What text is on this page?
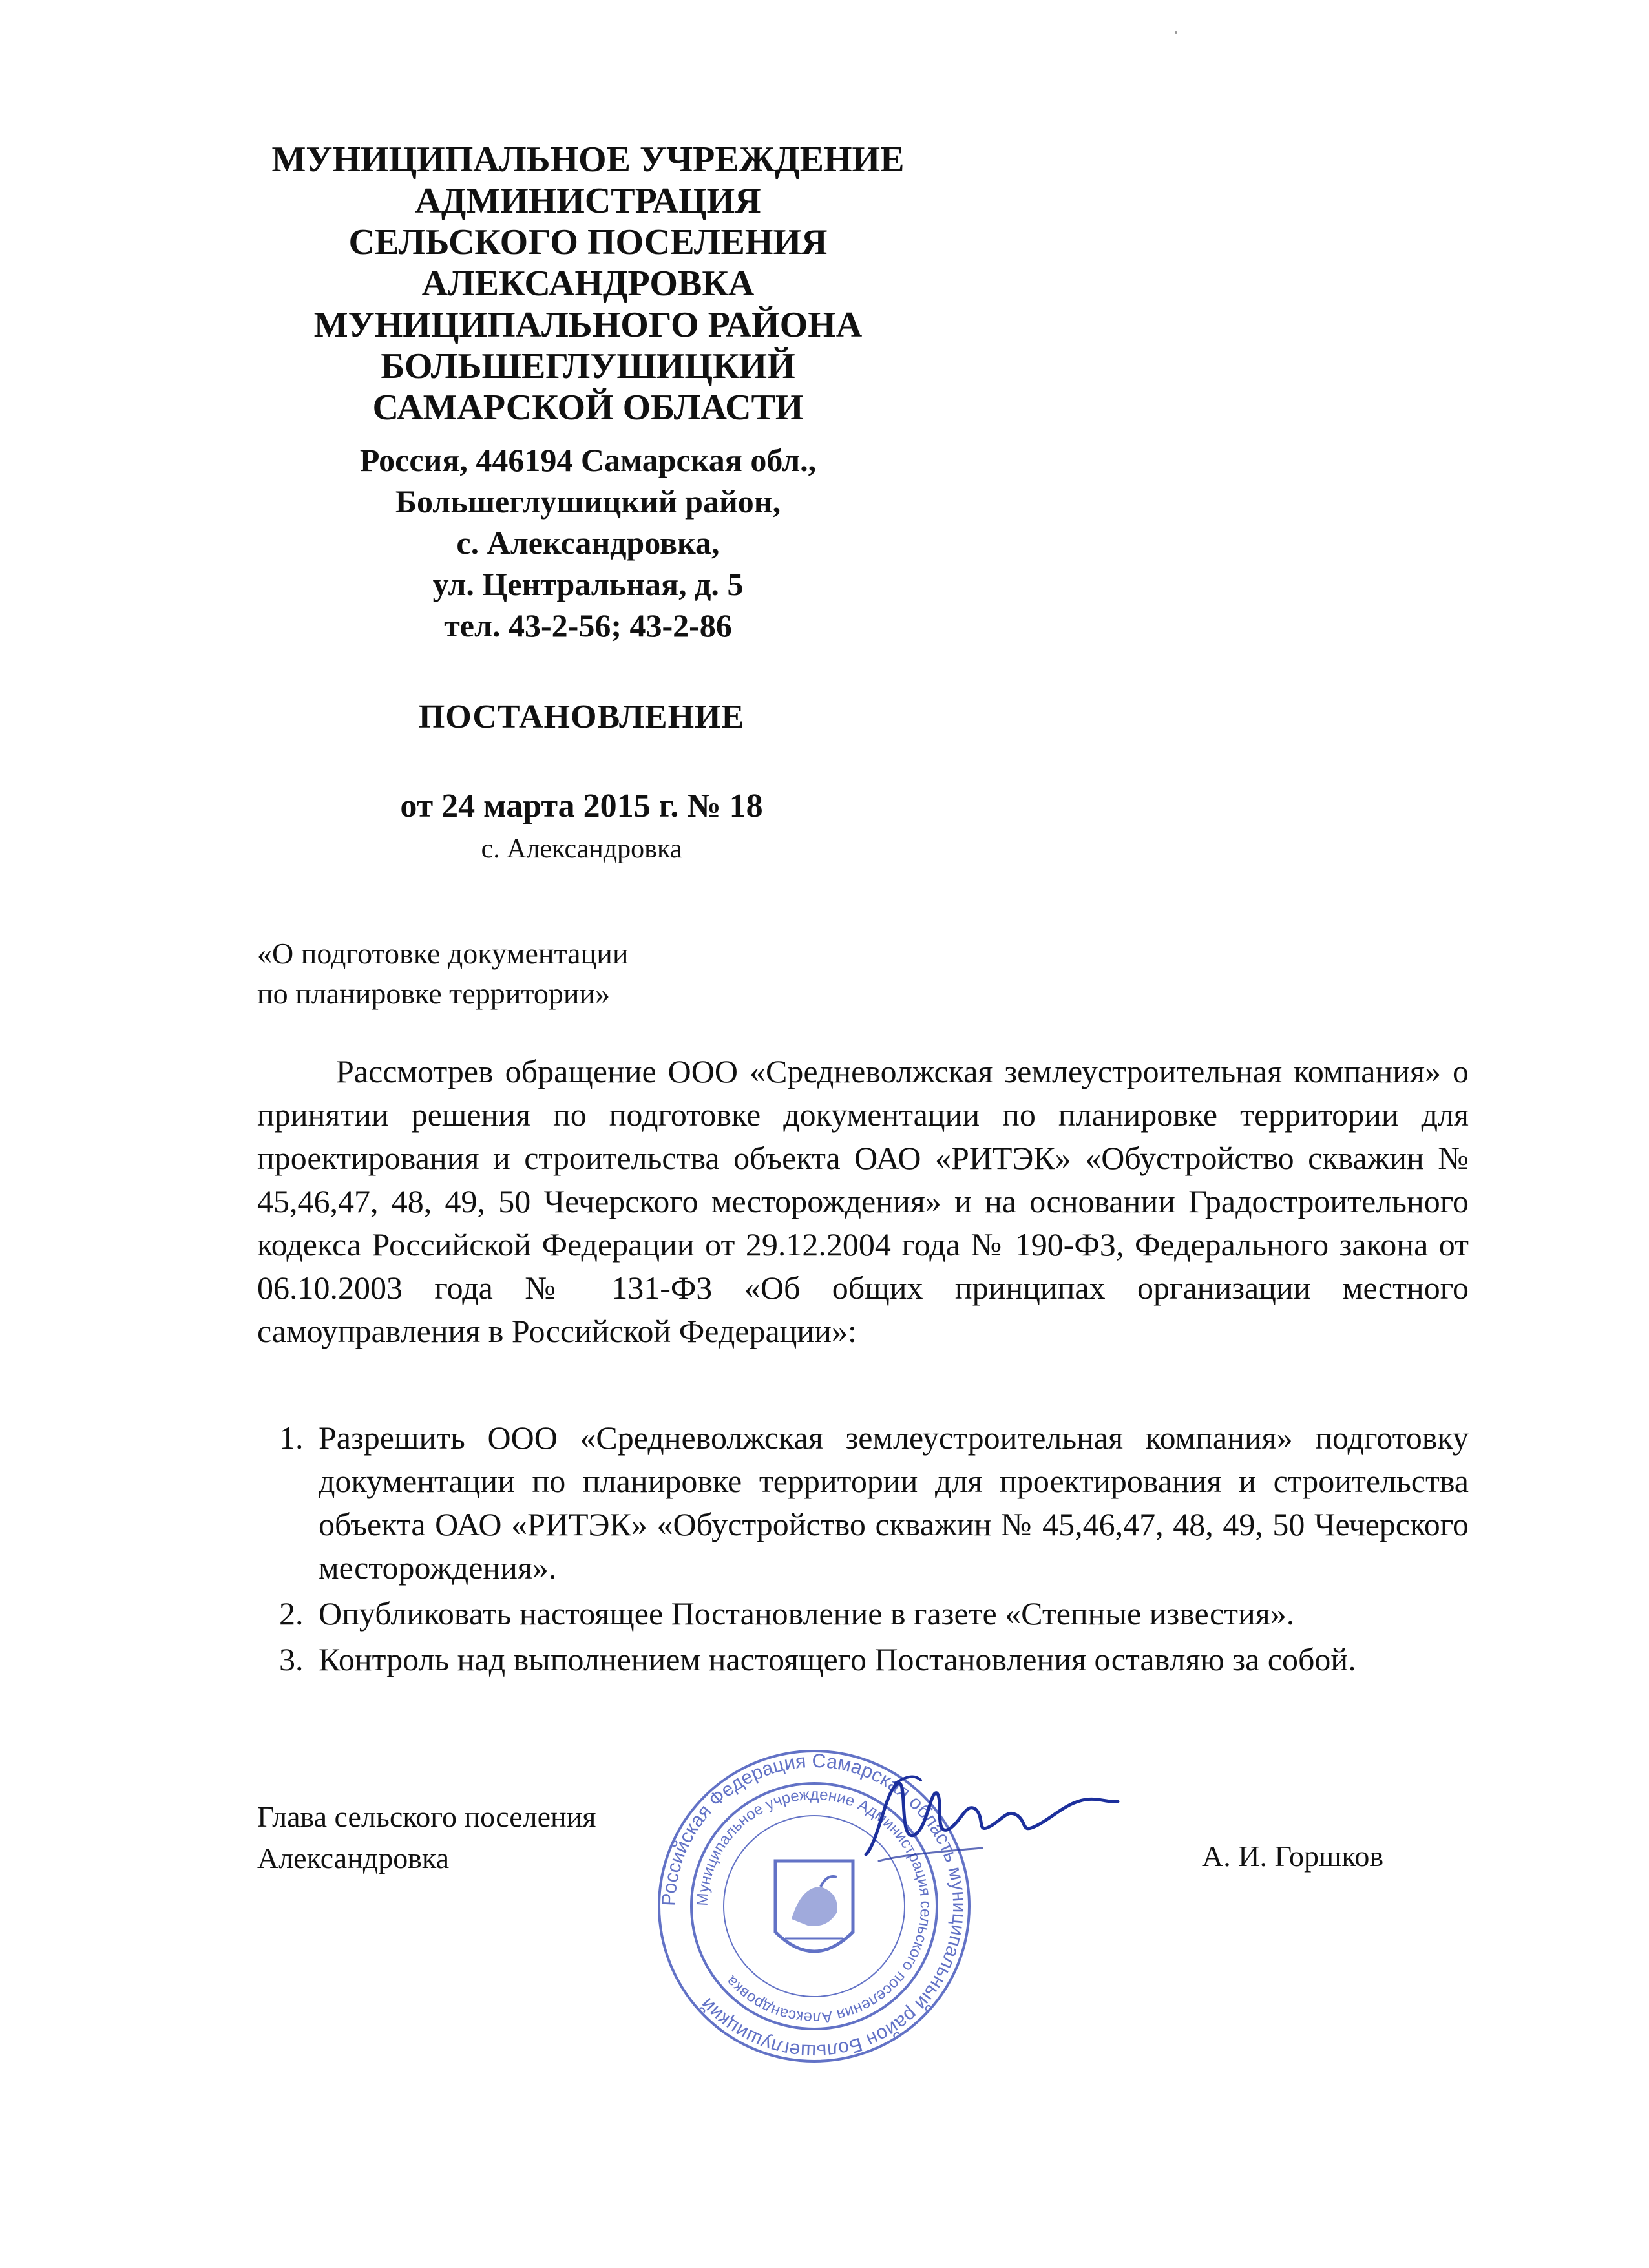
МУНИЦИПАЛЬНОЕ УЧРЕЖДЕНИЕ
АДМИНИСТРАЦИЯ
СЕЛЬСКОГО ПОСЕЛЕНИЯ
АЛЕКСАНДРОВКА
МУНИЦИПАЛЬНОГО РАЙОНА
БОЛЬШЕГЛУШИЦКИЙ
САМАРСКОЙ ОБЛАСТИ
Россия, 446194 Самарская обл.,
Большеглушицкий район,
с. Александровка,
ул. Центральная, д. 5
тел. 43-2-56; 43-2-86
ПОСТАНОВЛЕНИЕ
от 24 марта 2015 г. № 18
с. Александровка
«О подготовке документации
по планировке территории»
Рассмотрев обращение ООО «Средневолжская землеустроительная компания» о принятии решения по подготовке документации по планировке территории для проектирования и строительства объекта ОАО «РИТЭК» «Обустройство скважин № 45,46,47, 48, 49, 50 Чечерского месторождения» и на основании Градостроительного кодекса Российской Федерации от 29.12.2004 года № 190-ФЗ, Федерального закона от 06.10.2003 года № 131-ФЗ «Об общих принципах организации местного самоуправления в Российской Федерации»:
1. Разрешить ООО «Средневолжская землеустроительная компания» подготовку документации по планировке территории для проектирования и строительства объекта ОАО «РИТЭК» «Обустройство скважин № 45,46,47, 48, 49, 50 Чечерского месторождения».
2. Опубликовать настоящее Постановление в газете «Степные известия».
3. Контроль над выполнением настоящего Постановления оставляю за собой.
Глава сельского поселения
Александровка	А. И. Горшков
Российская Федерация Самарская область муниципальный район Большеглушицкий
Муниципальное учреждение Администрация сельского поселения Александровка
